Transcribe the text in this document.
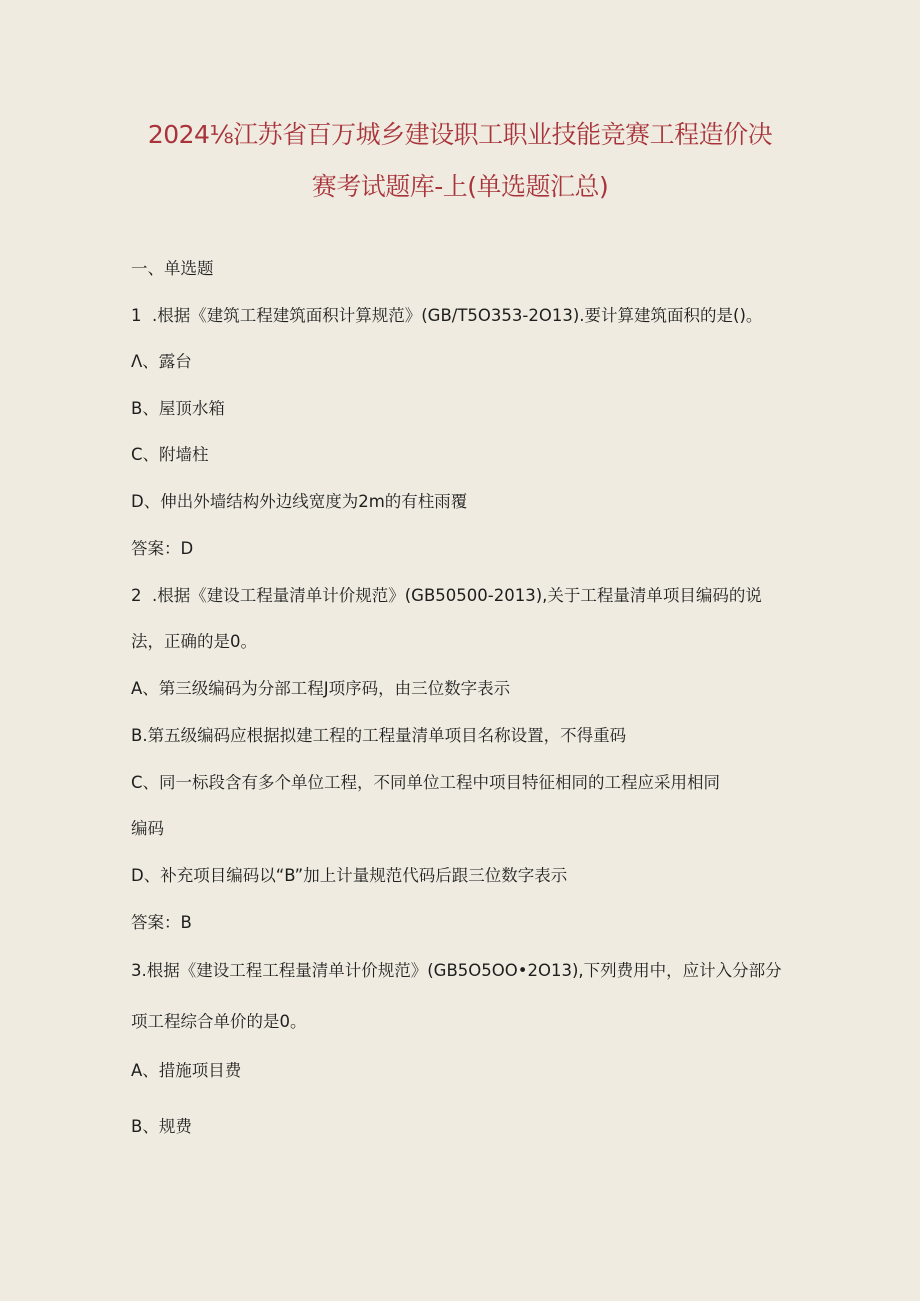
2024⅛江苏省百万城乡建设职工职业技能竞赛工程造价决
赛考试题库-上(单选题汇总)
一、单选题
1  .根据《建筑工程建筑面积计算规范》(GB/T5O353-2O13).要计算建筑面积的是()。
Λ、露台
B、屋顶水箱
C、附墙柱
D、伸出外墙结构外边线宽度为2m的有柱雨覆
答案：D
2  .根据《建设工程量清单计价规范》(GB50500-2013),关于工程量清单项目编码的说
法，正确的是0。
A、第三级编码为分部工程J项序码，由三位数字表示
B.第五级编码应根据拟建工程的工程量清单项目名称设置，不得重码
C、同一标段含有多个单位工程，不同单位工程中项目特征相同的工程应采用相同
编码
D、补充项目编码以“B”加上计量规范代码后跟三位数字表示
答案：B
3.根据《建设工程工程量清单计价规范》(GB5O5OO•2O13),下列费用中，应计入分部分
项工程综合单价的是0。
A、措施项目费
B、规费
